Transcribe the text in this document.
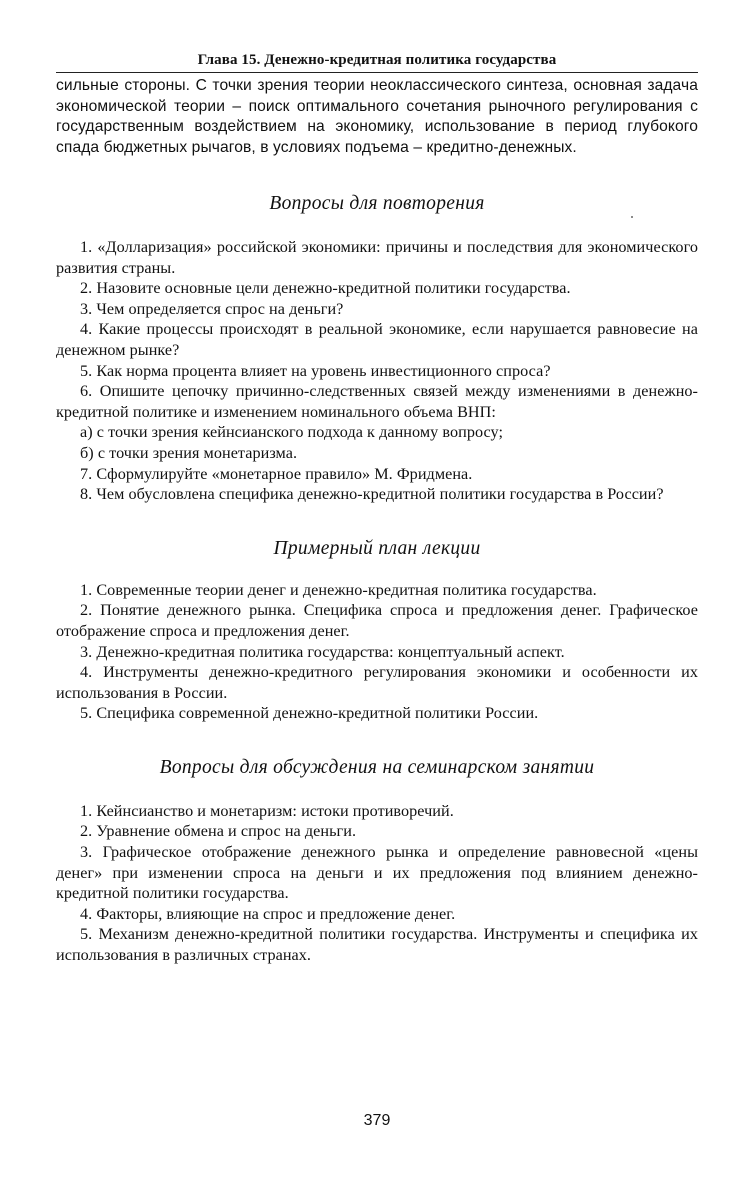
Глава 15. Денежно-кредитная политика государства

сильные стороны. С точки зрения теории неоклассического синтеза, основная задача экономической теории – поиск оптимального сочетания рыночного регулирования с государственным воздействием на экономику, использование в период глубокого спада бюджетных рычагов, в условиях подъема – кредитно-денежных.

Вопросы для повторения

1. «Долларизация» российской экономики: причины и последствия для экономического развития страны.

2. Назовите основные цели денежно-кредитной политики государства.

3. Чем определяется спрос на деньги?

4. Какие процессы происходят в реальной экономике, если нарушается равновесие на денежном рынке?

5. Как норма процента влияет на уровень инвестиционного спроса?

6. Опишите цепочку причинно-следственных связей между изменениями в денежно-кредитной политике и изменением номинального объема ВНП:

а) с точки зрения кейнсианского подхода к данному вопросу;

б) с точки зрения монетаризма.

7. Сформулируйте «монетарное правило» М. Фридмена.

8. Чем обусловлена специфика денежно-кредитной политики государства в России?

Примерный план лекции

1. Современные теории денег и денежно-кредитная политика государства.

2. Понятие денежного рынка. Специфика спроса и предложения денег. Графическое отображение спроса и предложения денег.

3. Денежно-кредитная политика государства: концептуальный аспект.

4. Инструменты денежно-кредитного регулирования экономики и особенности их использования в России.

5. Специфика современной денежно-кредитной политики России.

Вопросы для обсуждения на семинарском занятии

1. Кейнсианство и монетаризм: истоки противоречий.

2. Уравнение обмена и спрос на деньги.

3. Графическое отображение денежного рынка и определение равновесной «цены денег» при изменении спроса на деньги и их предложения под влиянием денежно-кредитной политики государства.

4. Факторы, влияющие на спрос и предложение денег.

5. Механизм денежно-кредитной политики государства. Инструменты и специфика их использования в различных странах.

379
